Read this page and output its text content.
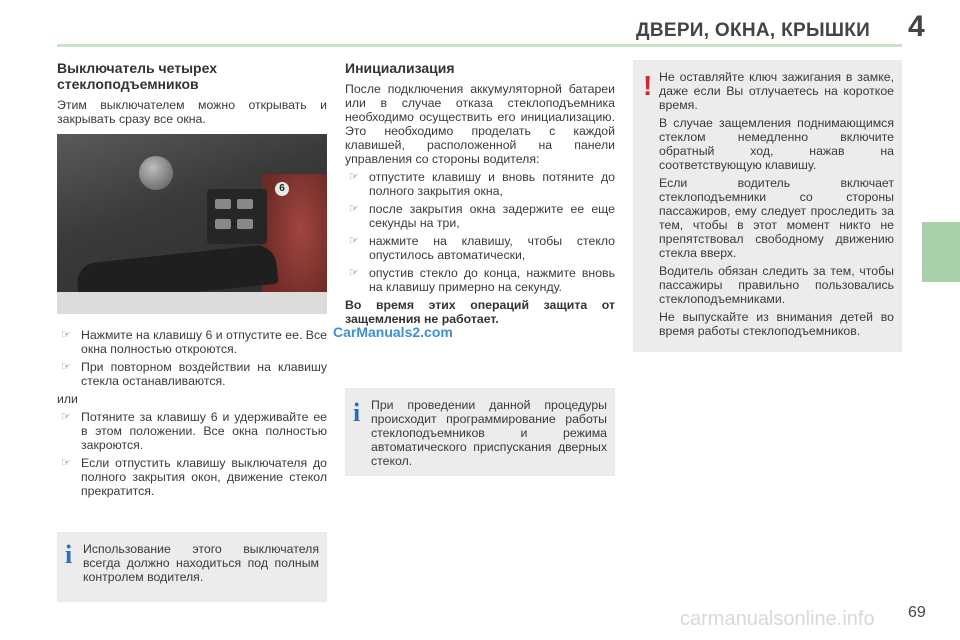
ДВЕРИ, ОКНА, КРЫШКИ 4
Выключатель четырех стеклоподъемников

Этим выключателем можно открывать и закрывать сразу все окна.

6
☞ Нажмите на клавишу 6 и отпустите ее. Все окна полностью откроются.
☞ При повторном воздействии на клавишу стекла останавливаются.

или

☞ Потяните за клавишу 6 и удерживайте ее в этом положении. Все окна полностью закроются.
☞ Если отпустить клавишу выключателя до полного закрытия окон, движение стекол прекратится.
CarManuals2.com
i Использование этого выключателя всегда должно находиться под полным контролем водителя.

Инициализация

После подключения аккумуляторной батареи или в случае отказа стеклоподъемника необходимо осуществить его инициализацию. Это необходимо проделать с каждой клавишей, расположенной на панели управления со стороны водителя:

☞ отпустите клавишу и вновь потяните до полного закрытия окна,
☞ после закрытия окна задержите ее еще секунды на три,
☞ нажмите на клавишу, чтобы стекло опустилось автоматически,
☞ опустив стекло до конца, нажмите вновь на клавишу примерно на секунду.

Во время этих операций защита от защемления не работает.

i При проведении данной процедуры происходит программирование работы стеклоподъемников и режима автоматического приспускания дверных стекол.

! Не оставляйте ключ зажигания в замке, даже если Вы отлучаетесь на короткое время.

В случае защемления поднимающимся стеклом немедленно включите обратный ход, нажав на соответствующую клавишу.

Если водитель включает стеклоподъемники со стороны пассажиров, ему следует проследить за тем, чтобы в этот момент никто не препятствовал свободному движению стекла вверх.

Водитель обязан следить за тем, чтобы пассажиры правильно пользовались стеклоподъемниками.

Не выпускайте из внимания детей во время работы стеклоподъемников.

carmanualsonline.info 69
